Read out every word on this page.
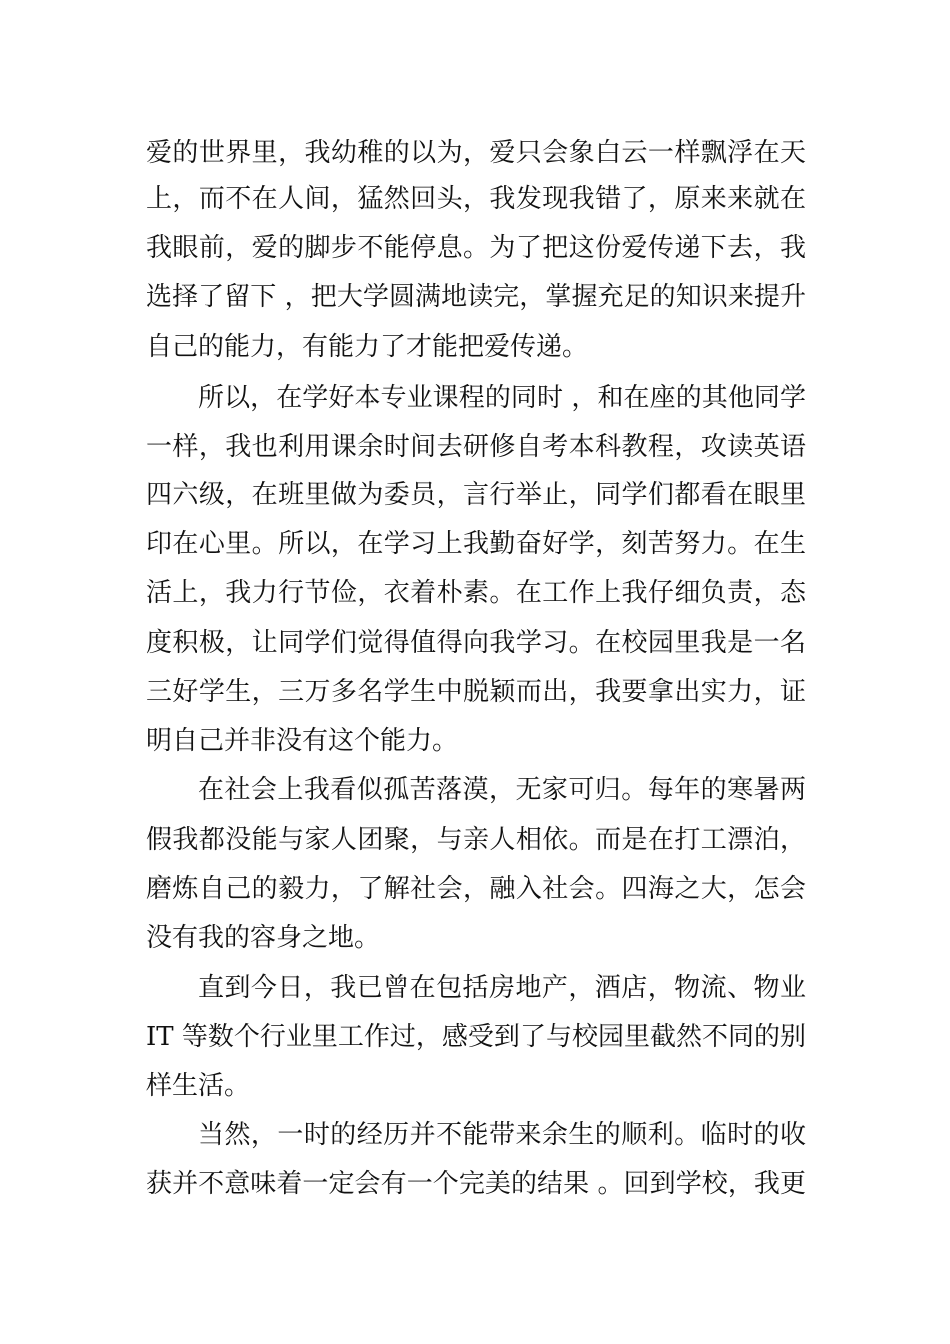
爱的世界里，我幼稚的以为，爱只会象白云一样飘浮在天

上，而不在人间，猛然回头，我发现我错了，原来来就在

我眼前，爱的脚步不能停息。为了把这份爱传递下去，我

选择了留下 ，把大学圆满地读完，掌握充足的知识来提升

自己的能力，有能力了才能把爱传递。

所以，在学好本专业课程的同时 ，和在座的其他同学

一样，我也利用课余时间去研修自考本科教程，攻读英语

四六级，在班里做为委员，言行举止，同学们都看在眼里

印在心里。所以，在学习上我勤奋好学，刻苦努力。在生

活上，我力行节俭，衣着朴素。在工作上我仔细负责，态

度积极，让同学们觉得值得向我学习。在校园里我是一名

三好学生，三万多名学生中脱颖而出，我要拿出实力，证

明自己并非没有这个能力。

在社会上我看似孤苦落漠，无家可归。每年的寒暑两

假我都没能与家人团聚，与亲人相依。而是在打工漂泊，

磨炼自己的毅力，了解社会，融入社会。四海之大，怎会

没有我的容身之地。

直到今日，我已曾在包括房地产，酒店，物流、物业

IT 等数个行业里工作过，感受到了与校园里截然不同的别

样生活。

当然，一时的经历并不能带来余生的顺利。临时的收

获并不意味着一定会有一个完美的结果 。回到学校，我更
